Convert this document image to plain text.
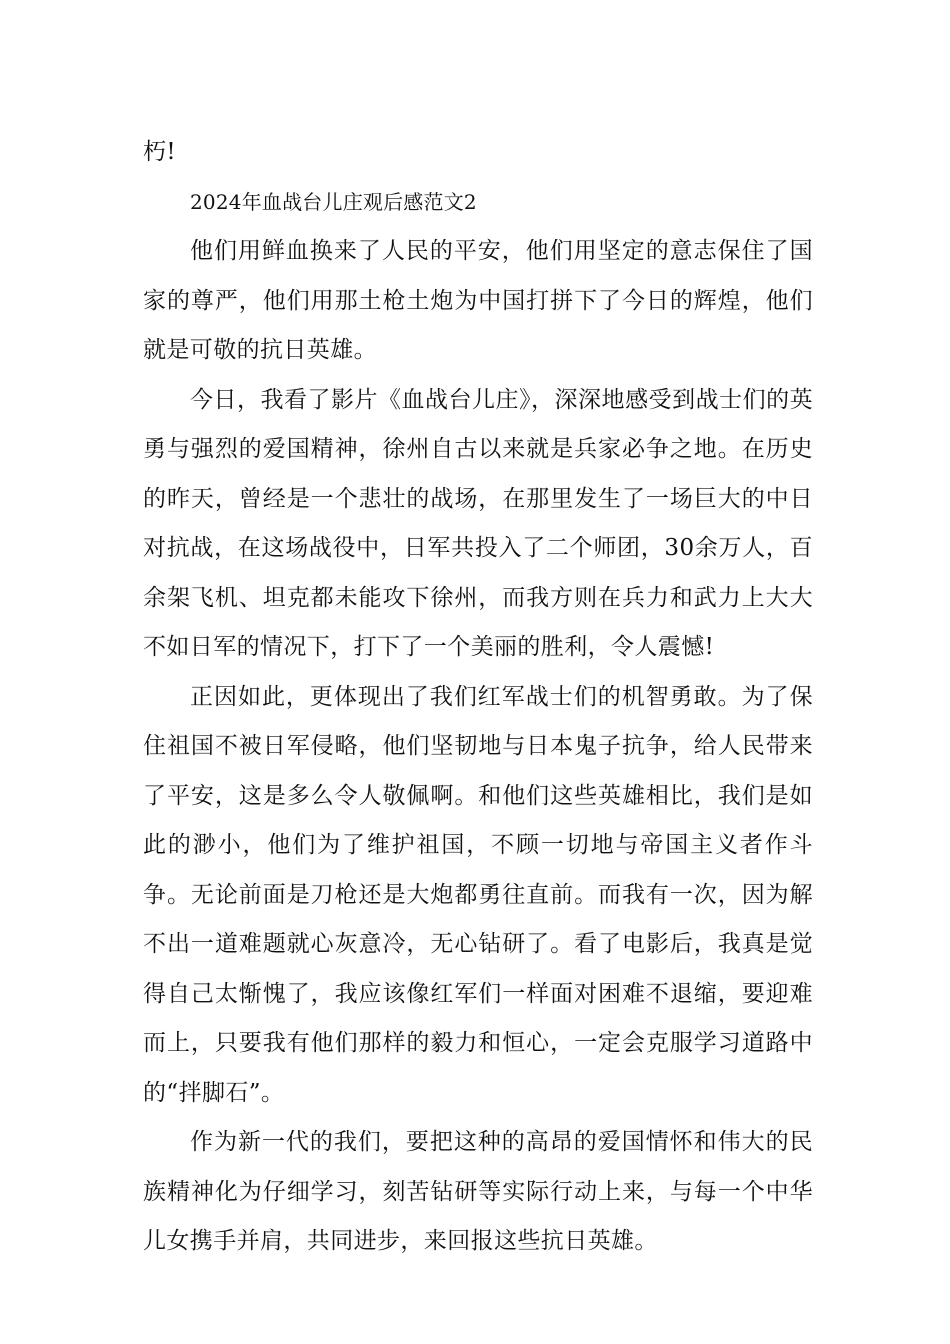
朽!

2024年血战台儿庄观后感范文2

他们用鲜血换来了人民的平安，他们用坚定的意志保住了国家的尊严，他们用那土枪土炮为中国打拼下了今日的辉煌，他们就是可敬的抗日英雄。

今日，我看了影片《血战台儿庄》，深深地感受到战士们的英勇与强烈的爱国精神，徐州自古以来就是兵家必争之地。在历史的昨天，曾经是一个悲壮的战场，在那里发生了一场巨大的中日对抗战，在这场战役中，日军共投入了二个师团，30余万人，百余架飞机、坦克都未能攻下徐州，而我方则在兵力和武力上大大不如日军的情况下，打下了一个美丽的胜利，令人震憾!

正因如此，更体现出了我们红军战士们的机智勇敢。为了保住祖国不被日军侵略，他们坚韧地与日本鬼子抗争，给人民带来了平安，这是多么令人敬佩啊。和他们这些英雄相比，我们是如此的渺小，他们为了维护祖国，不顾一切地与帝国主义者作斗争。无论前面是刀枪还是大炮都勇往直前。而我有一次，因为解不出一道难题就心灰意冷，无心钻研了。看了电影后，我真是觉得自己太惭愧了，我应该像红军们一样面对困难不退缩，要迎难而上，只要我有他们那样的毅力和恒心，一定会克服学习道路中的“拌脚石”。

作为新一代的我们，要把这种的高昂的爱国情怀和伟大的民族精神化为仔细学习，刻苦钻研等实际行动上来，与每一个中华儿女携手并肩，共同进步，来回报这些抗日英雄。
